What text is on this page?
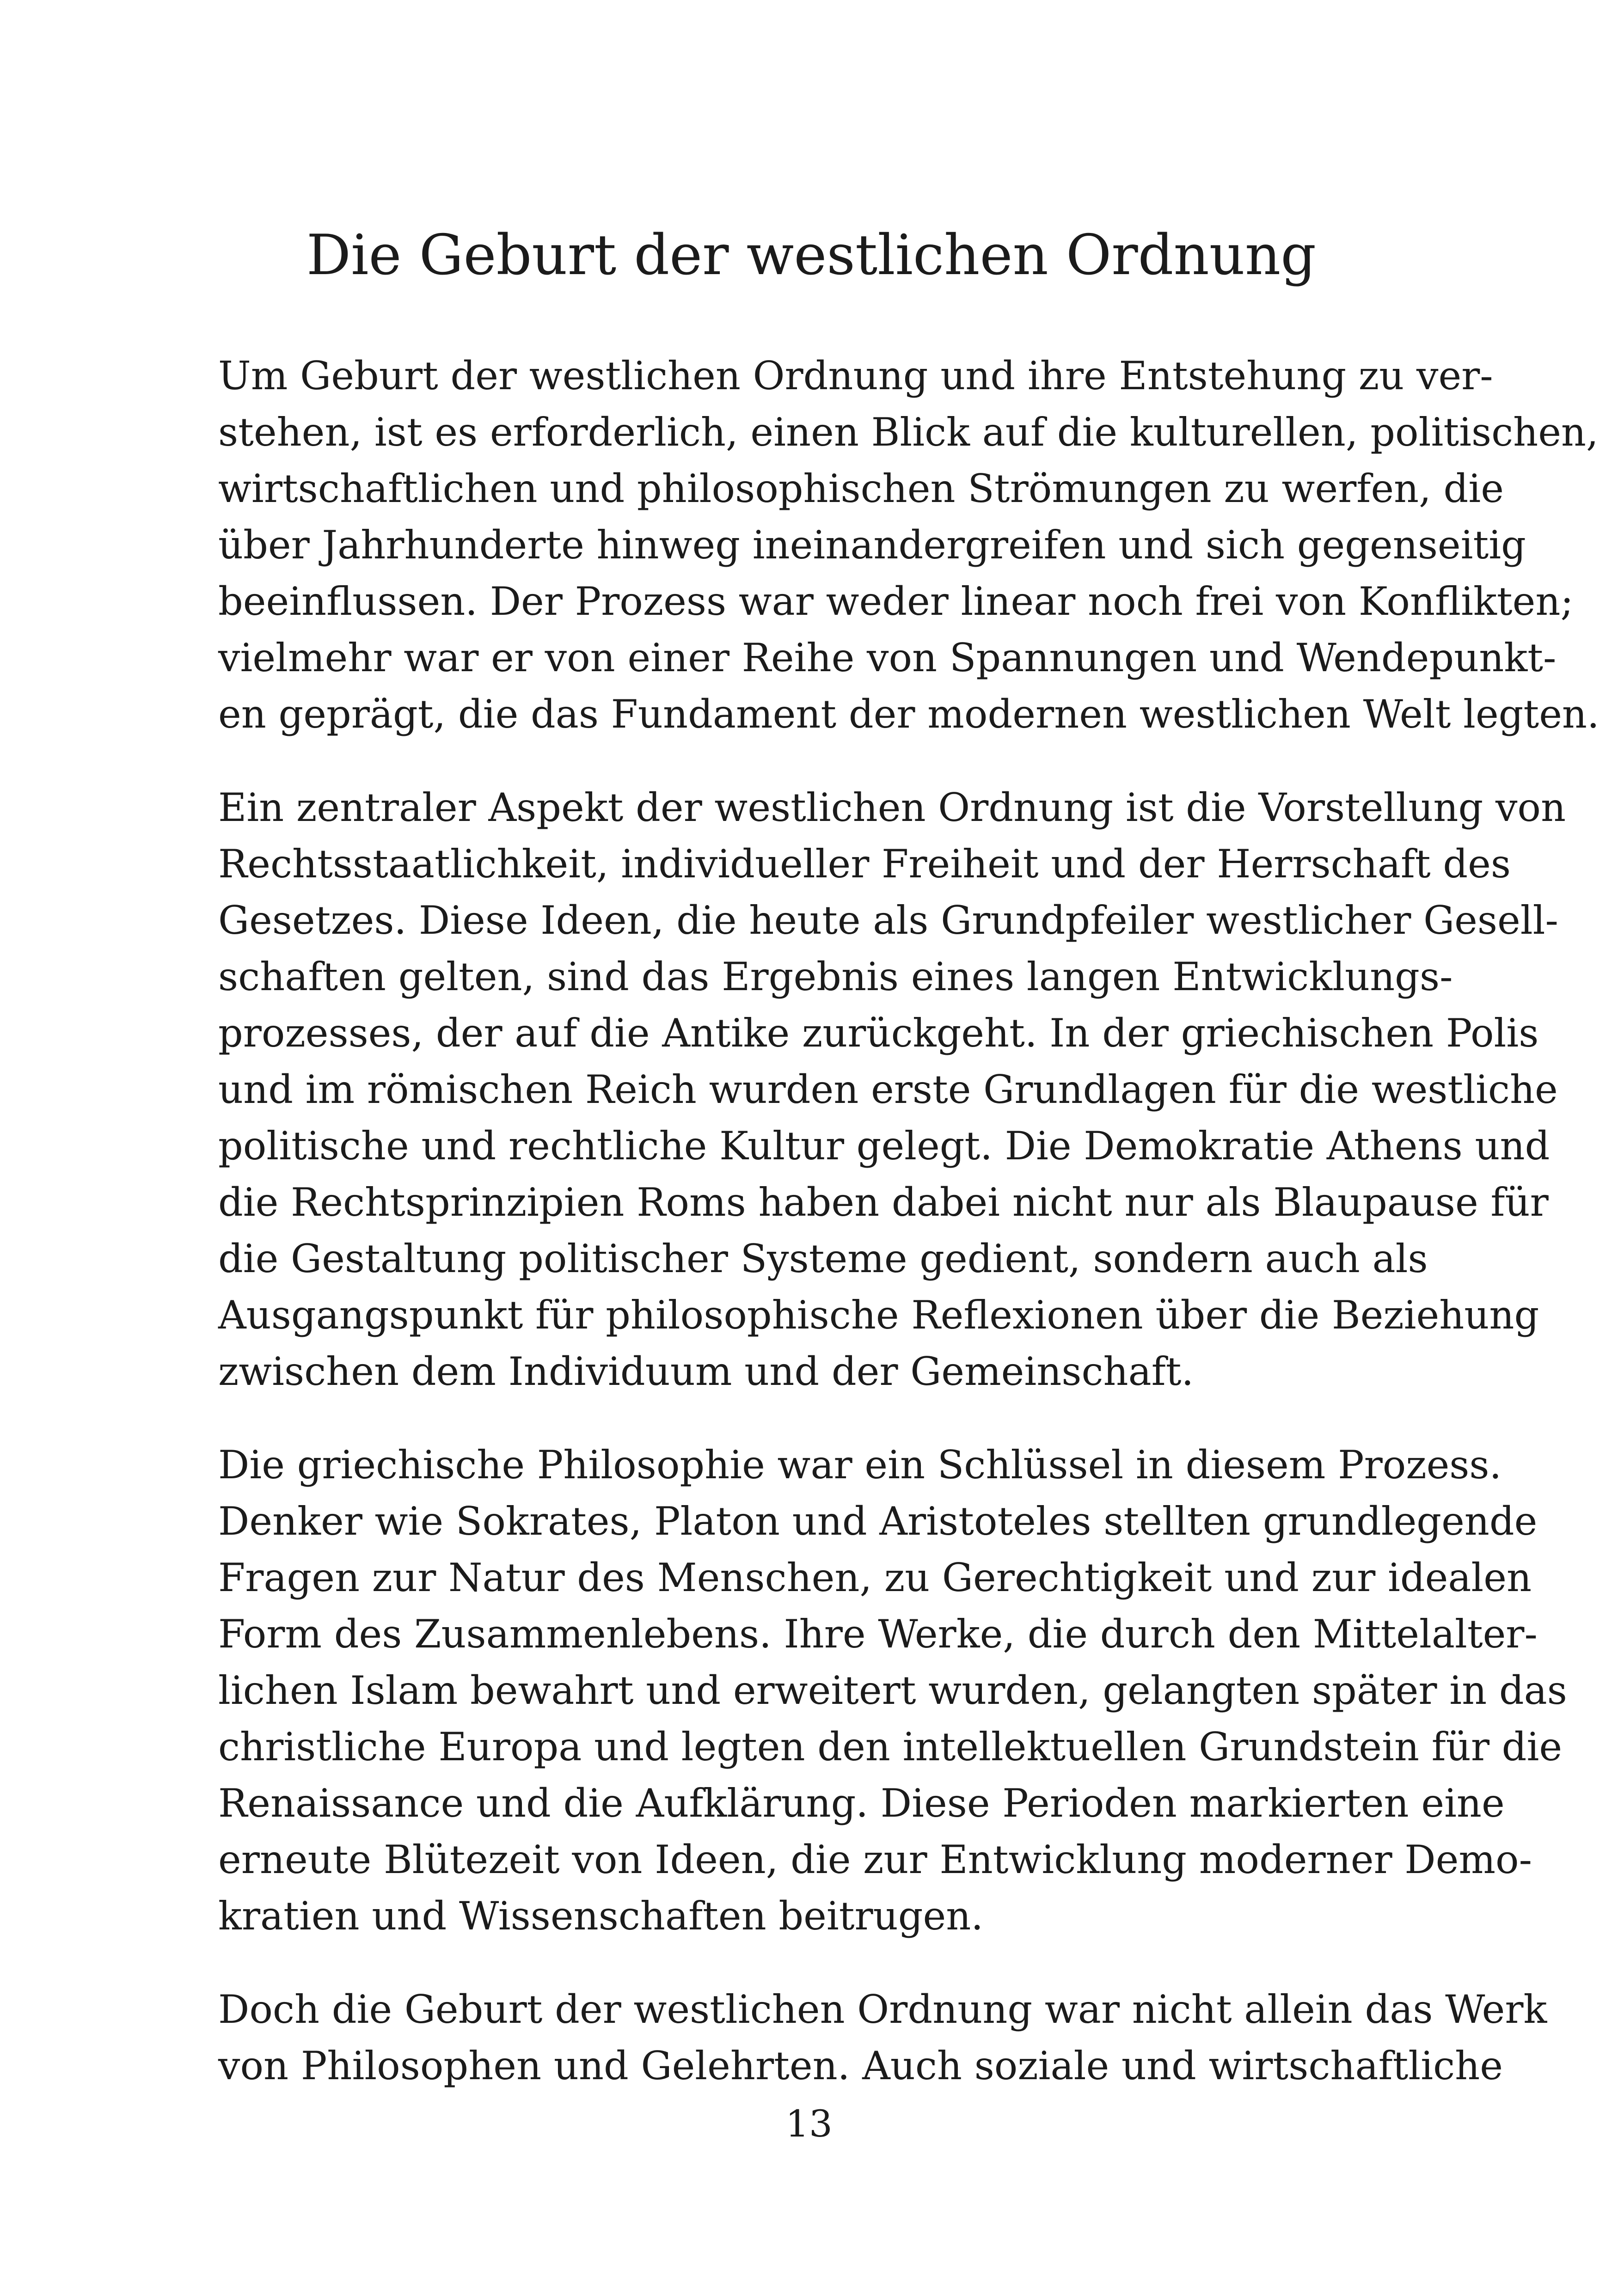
Die Geburt der westlichen Ordnung

Um Geburt der westlichen Ordnung und ihre Entstehung zu ver-
stehen, ist es erforderlich, einen Blick auf die kulturellen, politischen,
wirtschaftlichen und philosophischen Strömungen zu werfen, die
über Jahrhunderte hinweg ineinandergreifen und sich gegenseitig
beeinflussen. Der Prozess war weder linear noch frei von Konflikten;
vielmehr war er von einer Reihe von Spannungen und Wendepunkt-
en geprägt, die das Fundament der modernen westlichen Welt legten.

Ein zentraler Aspekt der westlichen Ordnung ist die Vorstellung von
Rechtsstaatlichkeit, individueller Freiheit und der Herrschaft des
Gesetzes. Diese Ideen, die heute als Grundpfeiler westlicher Gesell-
schaften gelten, sind das Ergebnis eines langen Entwicklungs-
prozesses, der auf die Antike zurückgeht. In der griechischen Polis
und im römischen Reich wurden erste Grundlagen für die westliche
politische und rechtliche Kultur gelegt. Die Demokratie Athens und
die Rechtsprinzipien Roms haben dabei nicht nur als Blaupause für
die Gestaltung politischer Systeme gedient, sondern auch als
Ausgangspunkt für philosophische Reflexionen über die Beziehung
zwischen dem Individuum und der Gemeinschaft.

Die griechische Philosophie war ein Schlüssel in diesem Prozess.
Denker wie Sokrates, Platon und Aristoteles stellten grundlegende
Fragen zur Natur des Menschen, zu Gerechtigkeit und zur idealen
Form des Zusammenlebens. Ihre Werke, die durch den Mittelalter-
lichen Islam bewahrt und erweitert wurden, gelangten später in das
christliche Europa und legten den intellektuellen Grundstein für die
Renaissance und die Aufklärung. Diese Perioden markierten eine
erneute Blütezeit von Ideen, die zur Entwicklung moderner Demo-
kratien und Wissenschaften beitrugen.

Doch die Geburt der westlichen Ordnung war nicht allein das Werk
von Philosophen und Gelehrten. Auch soziale und wirtschaftliche

13
